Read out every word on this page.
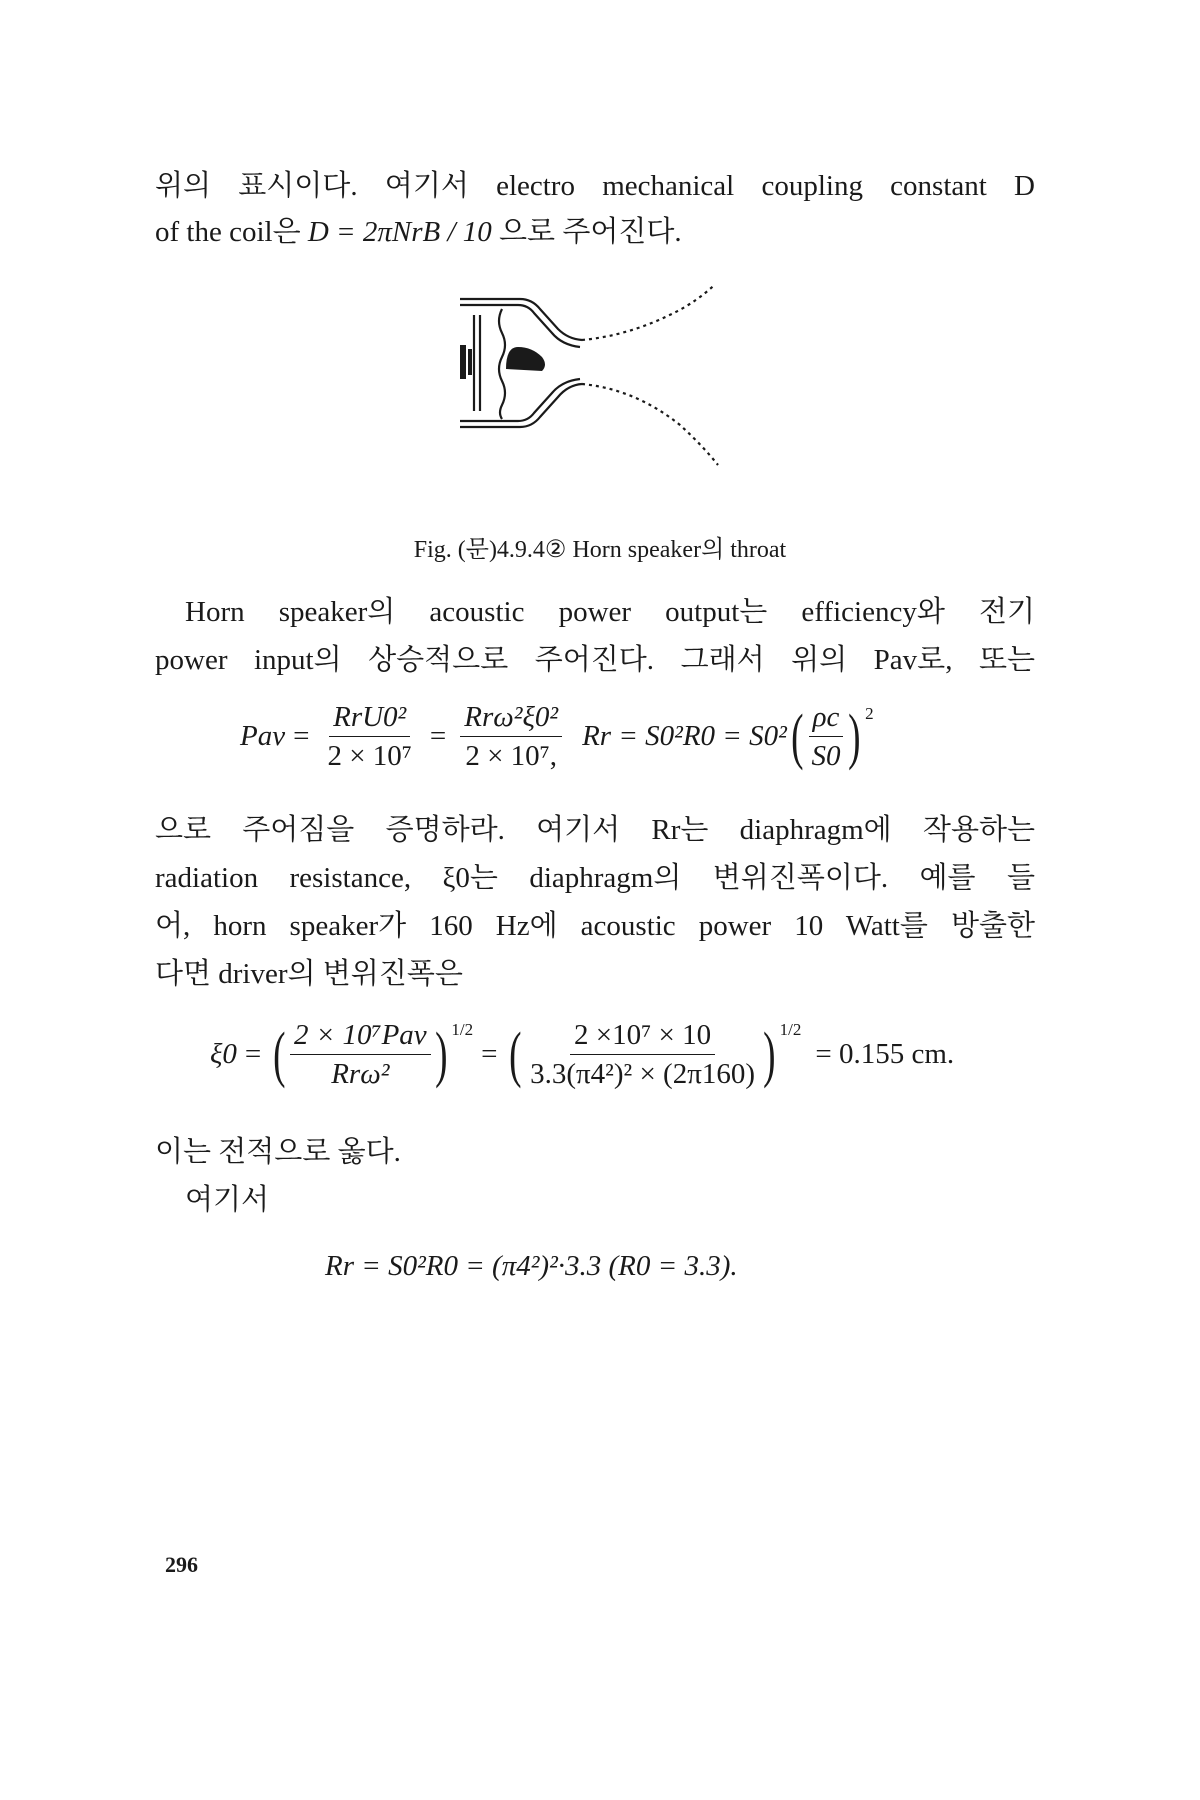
위의 표시이다. 여기서 electro mechanical coupling constant D
of the coil은 D = 2πNrB / 10 으로 주어진다.
Fig. (문)4.9.4② Horn speaker의 throat
Horn speaker의 acoustic power output는 efficiency와 전기
power input의 상승적으로 주어진다. 그래서 위의 Pav로, 또는
Pav = $\frac{\text{RrU0²}}{\text{2 × 10⁷}} = \frac{\text{Rrω²ξ0²}}{\text{2 × 10⁷,}}$ Rr = S0²R0 = S0² ( $\frac{\rho c}{S0} )^2$
으로 주어짐을 증명하라. 여기서 Rr는 diaphragm에 작용하는
radiation resistance, ξ0는 diaphragm의 변위진폭이다. 예를 들
어, horn speaker가 160 Hz에 acoustic power 10 Watt를 방출한
다면 driver의 변위진폭은
ξ0 = ( $\frac{\text{2 × 10⁷Pav}}{\text{Rrω²}} )^{1/2}$
= ( $\frac{\text{2 ×10⁷ × 10}}{\text{3.3(π4²)² × (2π160)}} )^{1/2}$
= 0.155 cm.
이는 전적으로 옳다.
여기서
Rr = S0²R0 = (π4²)²·3.3 (R0 = 3.3).
296
